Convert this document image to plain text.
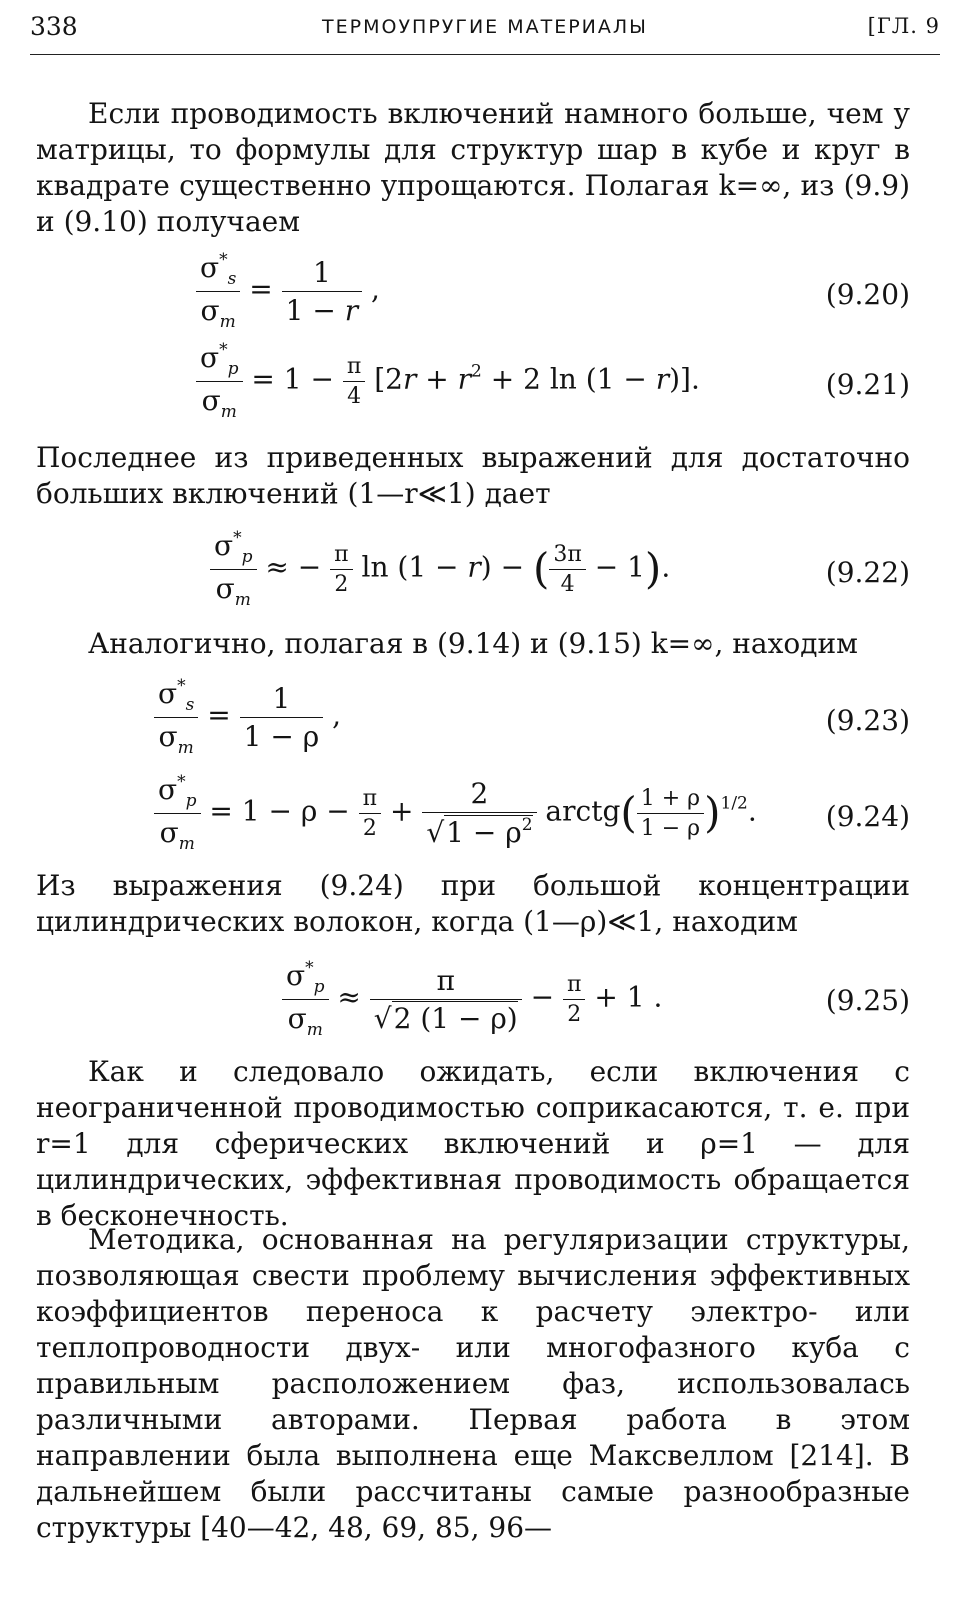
338	ТЕРМОУПРУГИЕ МАТЕРИАЛЫ	[ГЛ. 9

Если проводимость включений намного больше, чем у матрицы, то формулы для структур шар в кубе и круг в квадрате существенно упрощаются. Полагая k=∞, из (9.9) и (9.10) получаем

$\frac{\sigma^*_s}{\sigma_m} = \frac{1}{1 - r}$ ,	(9.20)
$\frac{\sigma^*_p}{\sigma_m} = 1 - \frac{\pi}{4} [2r + r^2 + 2$ ln (1 − r)].	(9.21)

Последнее из приведенных выражений для достаточно больших включений (1—r≪1) дает

$\frac{\sigma^*_p}{\sigma_m}$ ≈ − $\frac{\pi}{2}$ ln (1 − r) − ( $\frac{3\pi}{4} - 1$).	(9.22)

Аналогично, полагая в (9.14) и (9.15) k=∞, находим

$\frac{\sigma^*_s}{\sigma_m} = \frac{1}{1 - \rho}$ ,	(9.23)
$\frac{\sigma^*_p}{\sigma_m} = 1 - \rho - \frac{\pi}{2} + \frac{2}{√1 - \rho^2}$ arctg( $\frac{1 + \rho}{1 - \rho} )^{1/2}$. (9.24)

Из выражения (9.24) при большой концентрации цилиндрических волокон, когда (1—ρ)≪1, находим

$\frac{\sigma^*_p}{\sigma_m} \approx \frac{\pi}{√2 (1 - \rho)} - \frac{\pi}{2} + 1$ .	(9.25)

Как и следовало ожидать, если включения с неограниченной проводимостью соприкасаются, т. е. при r=1 для сферических включений и ρ=1 — для цилиндрических, эффективная проводимость обращается в бесконечность.

Методика, основанная на регуляризации структуры, позволяющая свести проблему вычисления эффективных коэффициентов переноса к расчету электро- или теплопроводности двух- или многофазного куба с правильным расположением фаз, использовалась различными авторами. Первая работа в этом направлении была выполнена еще Максвеллом [214]. В дальнейшем были рассчитаны самые разнообразные структуры [40—42, 48, 69, 85, 96—
